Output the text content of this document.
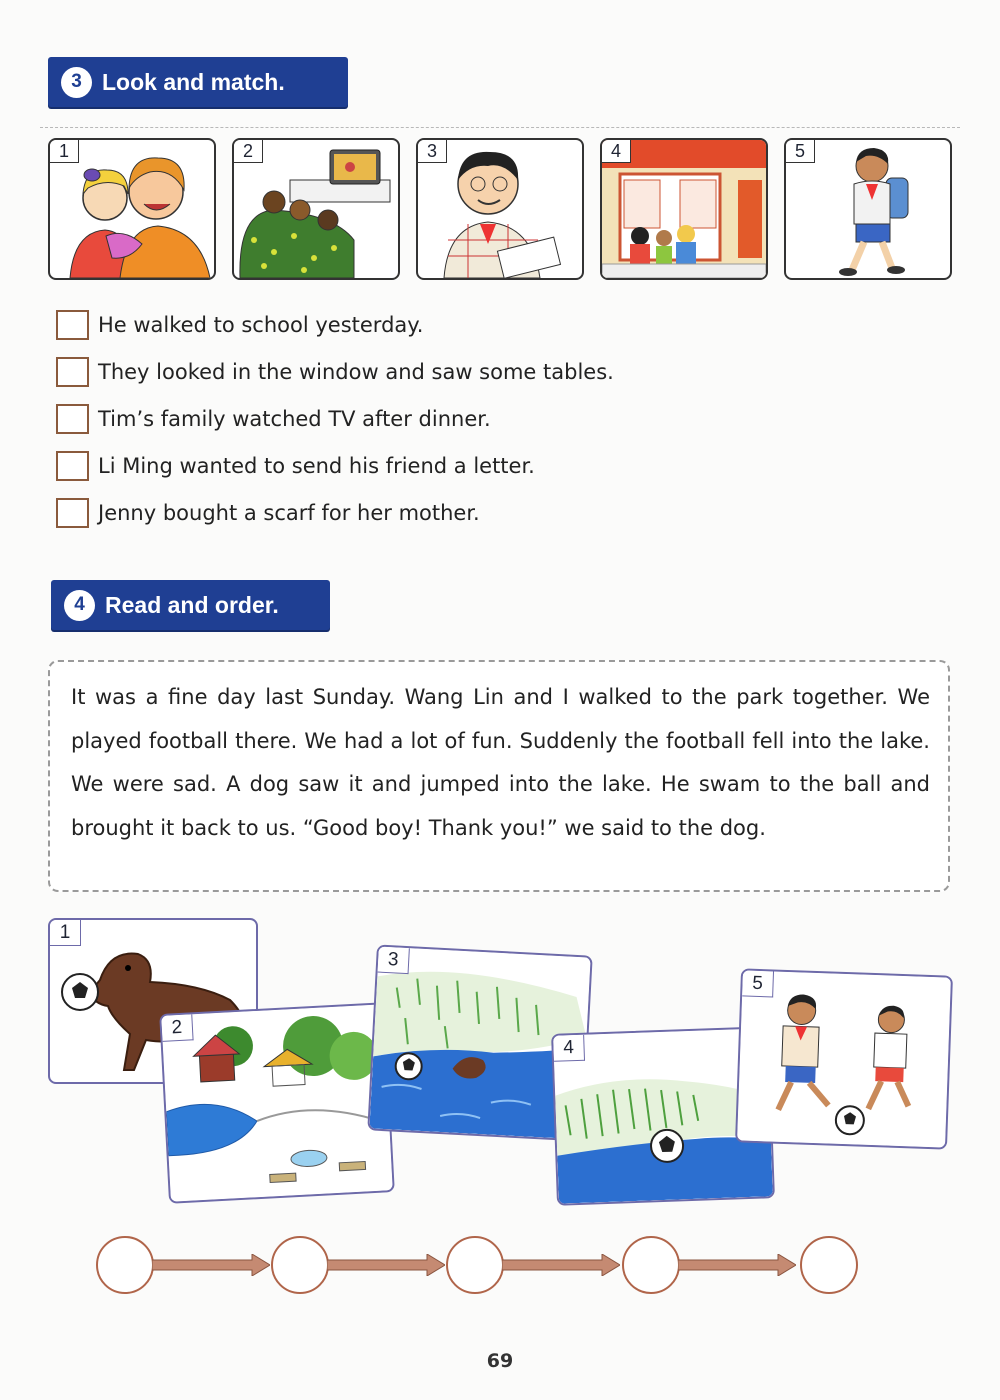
3 Look and match.
1	2	3	4	5
He walked to school yesterday.
They looked in the window and saw some tables.
Tim’s family watched TV after dinner.
Li Ming wanted to send his friend a letter.
Jenny bought a scarf for her mother.
4 Read and order.
It was a fine day last Sunday. Wang Lin and I walked to the park together. We played football there. We had a lot of fun. Suddenly the football fell into the lake. We were sad. A dog saw it and jumped into the lake. He swam to the ball and brought it back to us. “Good boy! Thank you!” we said to the dog.
1
2
3
4
5
69
